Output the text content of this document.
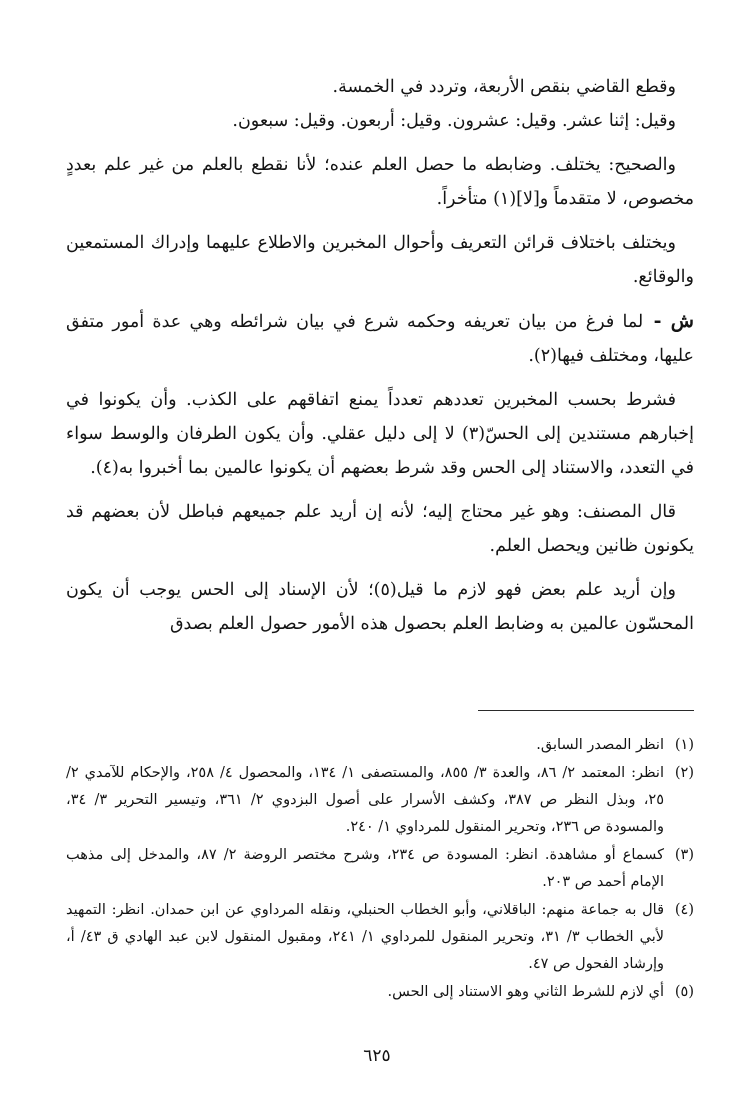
وقطع القاضي بنقص الأربعة، وتردد في الخمسة.

وقيل: إثنا عشر. وقيل: عشرون. وقيل: أربعون. وقيل: سبعون.

والصحيح: يختلف. وضابطه ما حصل العلم عنده؛ لأنا نقطع بالعلم من غير علم بعددٍ مخصوص، لا متقدماً و[لا](١) متأخراً.

ويختلف باختلاف قرائن التعريف وأحوال المخبرين والاطلاع عليهما وإدراك المستمعين والوقائع.

ش - لما فرغ من بيان تعريفه وحكمه شرع في بيان شرائطه وهي عدة أمور متفق عليها، ومختلف فيها(٢).

فشرط بحسب المخبرين تعددهم تعدداً يمنع اتفاقهم على الكذب. وأن يكونوا في إخبارهم مستندين إلى الحسّ(٣) لا إلى دليل عقلي. وأن يكون الطرفان والوسط سواء في التعدد، والاستناد إلى الحس وقد شرط بعضهم أن يكونوا عالمين بما أخبروا به(٤).

قال المصنف: وهو غير محتاج إليه؛ لأنه إن أريد علم جميعهم فباطل لأن بعضهم قد يكونون ظانين ويحصل العلم.

وإن أريد علم بعض فهو لازم ما قيل(٥)؛ لأن الإسناد إلى الحس يوجب أن يكون المحسّون عالمين به وضابط العلم بحصول هذه الأمور حصول العلم بصدق

(١)
انظر المصدر السابق.
(٢)
انظر: المعتمد ٢/ ٨٦، والعدة ٣/ ٨٥٥، والمستصفى ١/ ١٣٤، والمحصول ٤/ ٢٥٨، والإحكام للآمدي ٢/ ٢٥، وبذل النظر ص ٣٨٧، وكشف الأسرار على أصول البزدوي ٢/ ٣٦١، وتيسير التحرير ٣/ ٣٤، والمسودة ص ٢٣٦، وتحرير المنقول للمرداوي ١/ ٢٤٠.
(٣)
كسماع أو مشاهدة. انظر: المسودة ص ٢٣٤، وشرح مختصر الروضة ٢/ ٨٧، والمدخل إلى مذهب الإمام أحمد ص ٢٠٣.
(٤)
قال به جماعة منهم: الباقلاني، وأبو الخطاب الحنبلي، ونقله المرداوي عن ابن حمدان. انظر: التمهيد لأبي الخطاب ٣/ ٣١، وتحرير المنقول للمرداوي ١/ ٢٤١، ومقبول المنقول لابن عبد الهادي ق ٤٣/ أ، وإرشاد الفحول ص ٤٧.
(٥)
أي لازم للشرط الثاني وهو الاستناد إلى الحس.
٦٢٥
